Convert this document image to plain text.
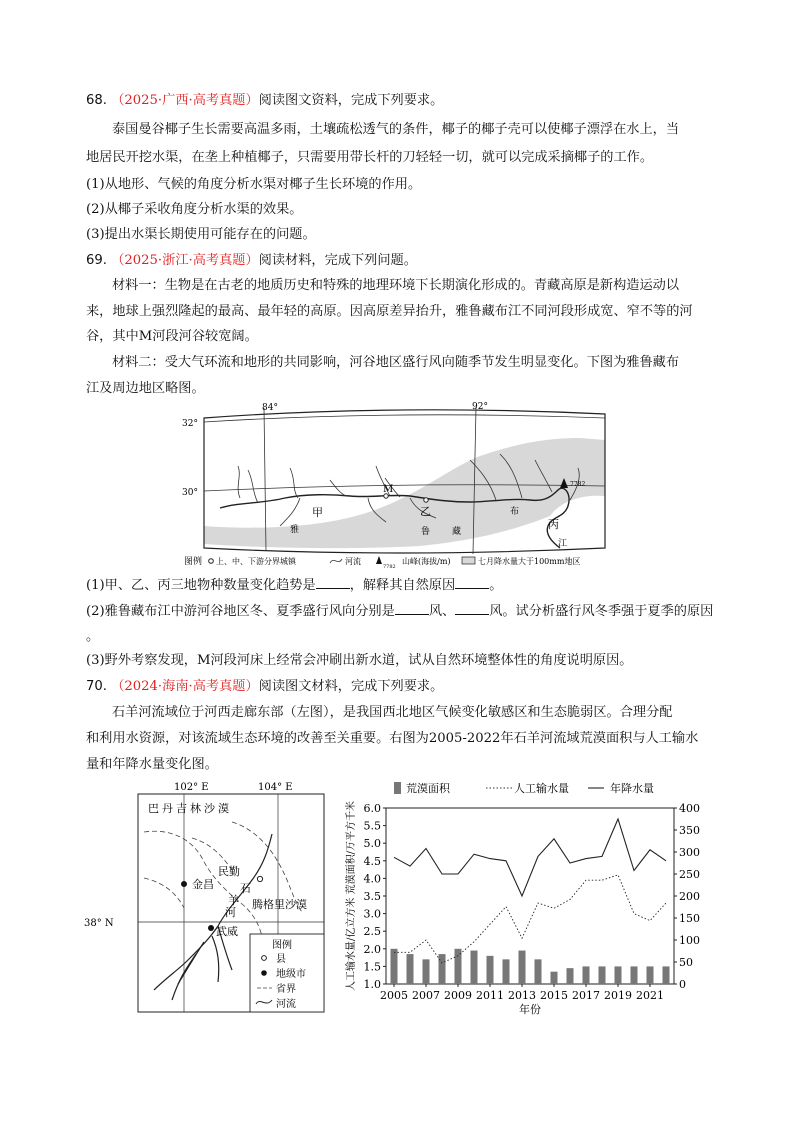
68. （2025·广西·高考真题）阅读图文资料，完成下列要求。
泰国曼谷椰子生长需要高温多雨，土壤疏松透气的条件，椰子的椰子壳可以使椰子漂浮在水上，当
地居民开挖水渠，在垄上种植椰子，只需要用带长杆的刀轻轻一切，就可以完成采摘椰子的工作。
(1)从地形、气候的角度分析水渠对椰子生长环境的作用。
(2)从椰子采收角度分析水渠的效果。
(3)提出水渠长期使用可能存在的问题。
69. （2025·浙江·高考真题）阅读材料，完成下列问题。
材料一：生物是在古老的地质历史和特殊的地理环境下长期演化形成的。青藏高原是新构造运动以
来，地球上强烈隆起的最高、最年轻的高原。因高原差异抬升，雅鲁藏布江不同河段形成宽、窄不等的河
谷，其中M河段河谷较宽阔。
材料二：受大气环流和地形的共同影响，河谷地区盛行风向随季节发生明显变化。下图为雅鲁藏布
江及周边地区略图。
7782
84°	92°
32°
30°	M
甲	乙
丙
雅	鲁 藏
布
江
图例 上、中、下游分界城镇	河流
7782
山峰(海拔/m)	七月降水量大于100mm地区
(1)甲、乙、丙三地物种数量变化趋势是	，解释其自然原因	。
(2)雅鲁藏布江中游河谷地区冬、夏季盛行风向分别是	风、	风。试分析盛行风冬季强于夏季的原因
。
(3)野外考察发现，M河段河床上经常会冲刷出新水道，试从自然环境整体性的角度说明原因。
70. （2024·海南·高考真题）阅读图文材料，完成下列要求。
石羊河流域位于河西走廊东部（左图），是我国西北地区气候变化敏感区和生态脆弱区。合理分配
和利用水资源，对该流域生态环境的改善至关重要。右图为2005-2022年石羊河流域荒漠面积与人工输水
量和年降水量变化图。
102° E	104° E
38° N
巴丹吉林沙漠
民勤
金昌
武威
石
羊
河
腾格里沙漠
图例
县
地级市
省界
河流
荒漠面积	人工输水量	年降水量
人工输水量/亿立方米 荒漠面积/万平方千米 1.0
1.5
2.0
2.5
3.0
3.5
4.0
4.5
5.0
5.5
6.0
0
50
100
150
200
250
300
350
400
2005 2007 2009 2011 2013 2015 2017 2019 2021
年份
